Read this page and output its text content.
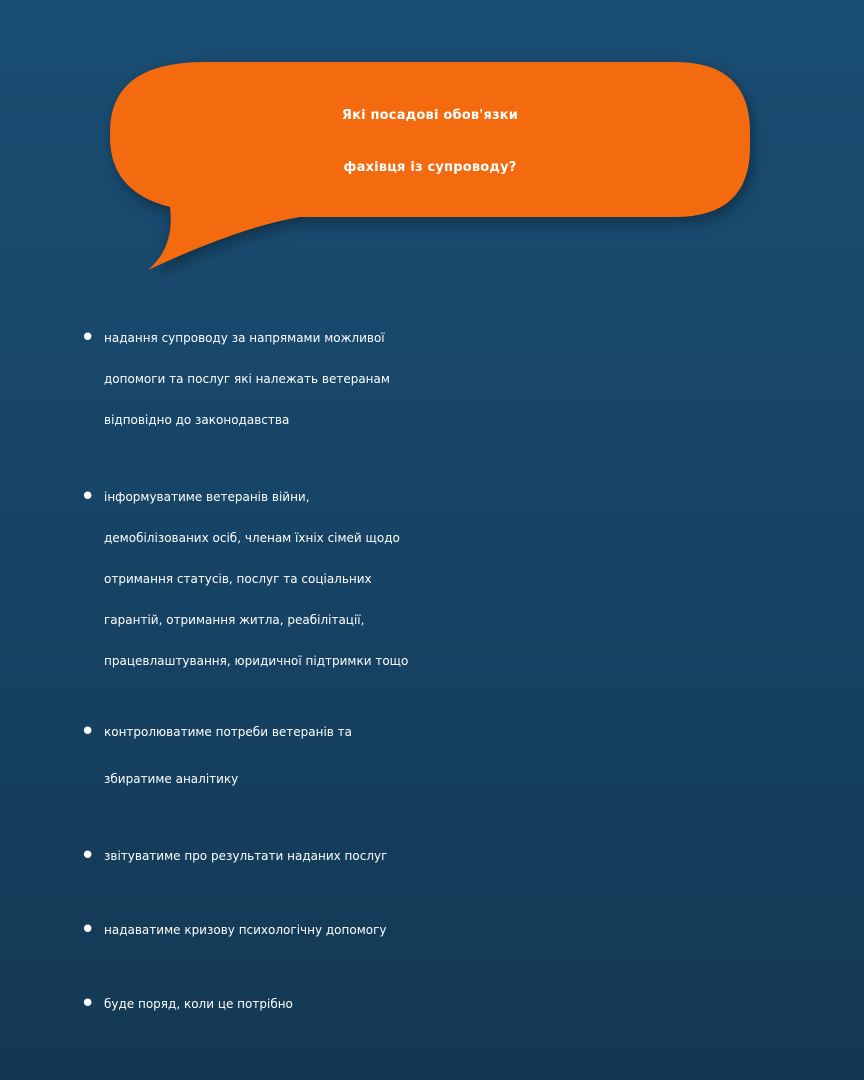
Які посадові обов'язки
фахівця із супроводу?
• надання супроводу за напрямами можливої
допомоги та послуг які належать ветеранам
відповідно до законодавства
• інформуватиме ветеранів війни,
демобілізованих осіб, членам їхніх сімей щодо
отримання статусів, послуг та соціальних
гарантій, отримання житла, реабілітації,
працевлаштування, юридичної підтримки тощо
• контролюватиме потреби ветеранів та
збиратиме аналітику
• звітуватиме про результати наданих послуг
• надаватиме кризову психологічну допомогу
• буде поряд, коли це потрібно
